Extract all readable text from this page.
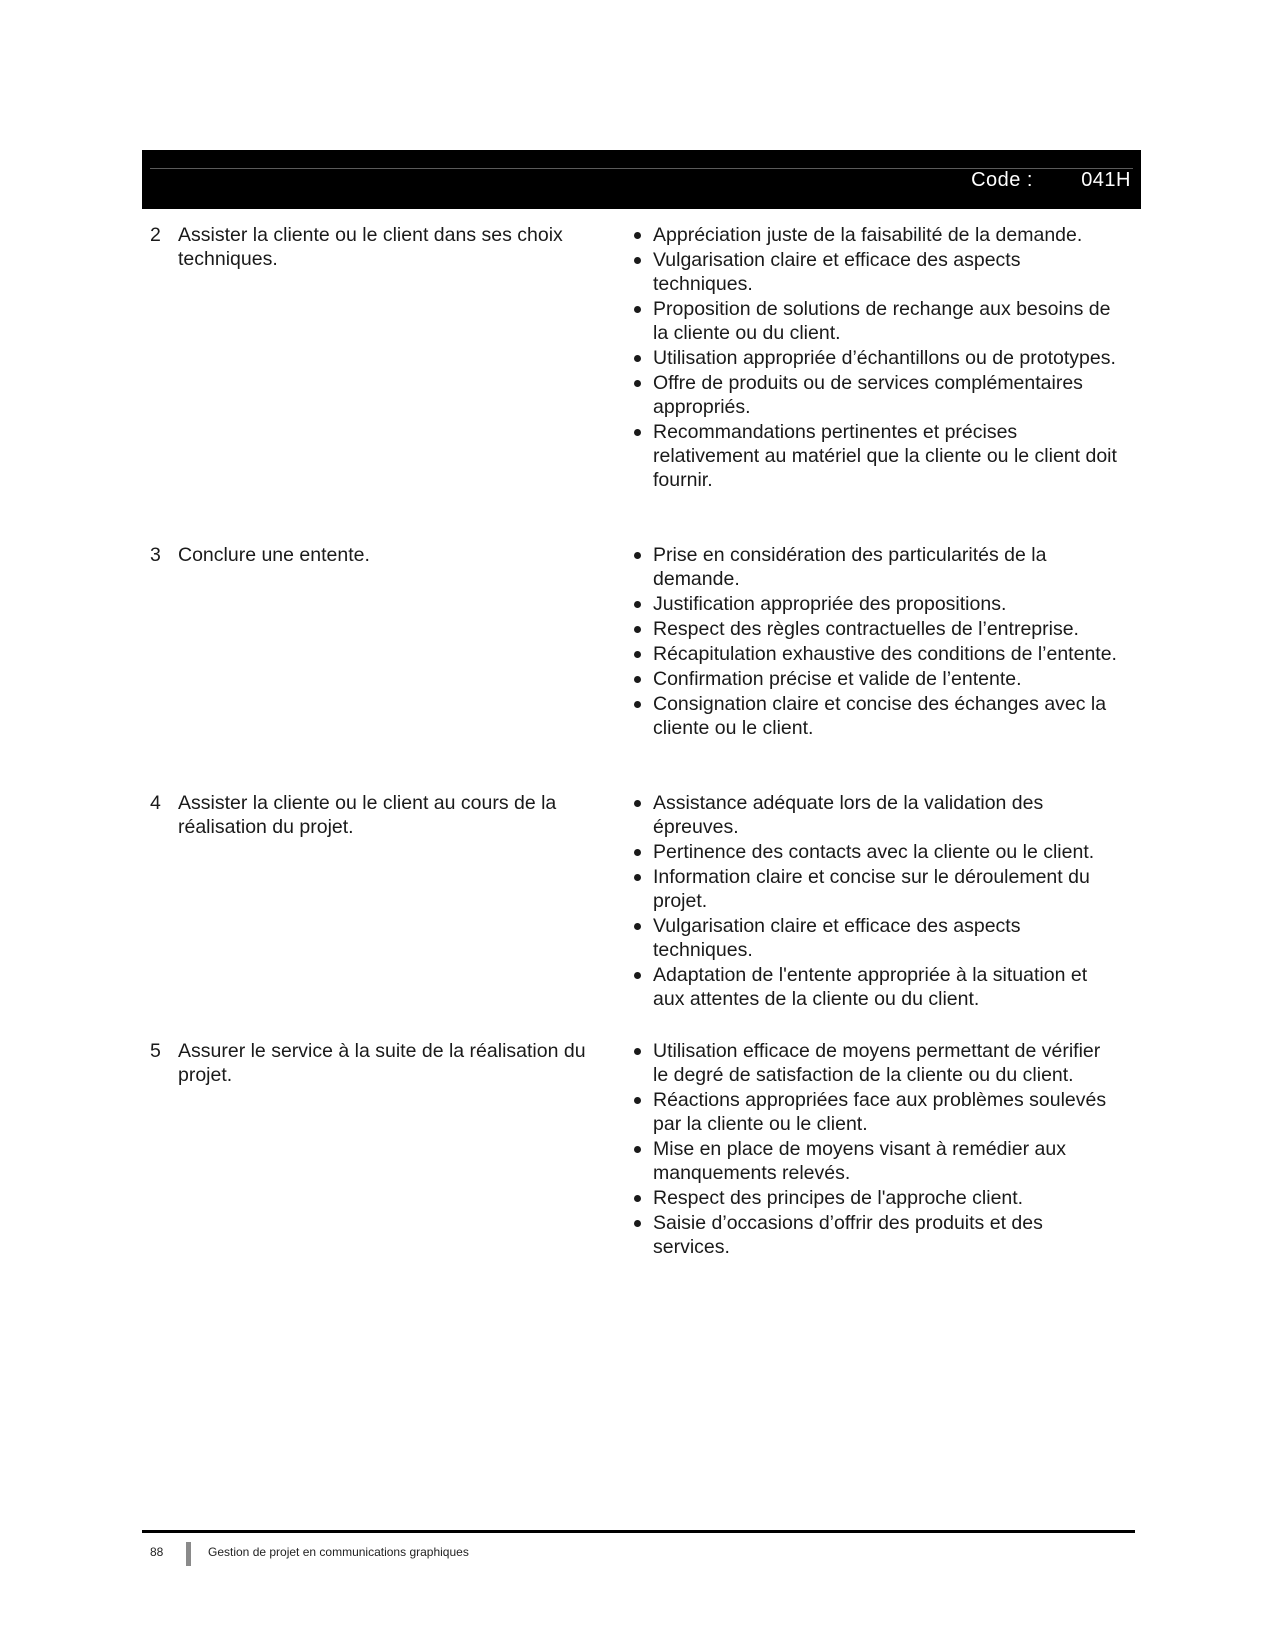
Code : 041H
2 Assister la cliente ou le client dans ses choix techniques.
Appréciation juste de la faisabilité de la demande.
Vulgarisation claire et efficace des aspects techniques.
Proposition de solutions de rechange aux besoins de la cliente ou du client.
Utilisation appropriée d’échantillons ou de prototypes.
Offre de produits ou de services complémentaires appropriés.
Recommandations pertinentes et précises relativement au matériel que la cliente ou le client doit fournir.
3 Conclure une entente.	Prise en considération des particularités de la demande.
Justification appropriée des propositions.
Respect des règles contractuelles de l’entreprise.
Récapitulation exhaustive des conditions de l’entente.
Confirmation précise et valide de l’entente.
Consignation claire et concise des échanges avec la cliente ou le client.
4 Assister la cliente ou le client au cours de la réalisation du projet.
Assistance adéquate lors de la validation des épreuves.
Pertinence des contacts avec la cliente ou le client.
Information claire et concise sur le déroulement du projet.
Vulgarisation claire et efficace des aspects techniques.
Adaptation de l'entente appropriée à la situation et aux attentes de la cliente ou du client.
5 Assurer le service à la suite de la réalisation du projet.
Utilisation efficace de moyens permettant de vérifier le degré de satisfaction de la cliente ou du client.
Réactions appropriées face aux problèmes soulevés par la cliente ou le client.
Mise en place de moyens visant à remédier aux manquements relevés.
Respect des principes de l'approche client.
Saisie d’occasions d’offrir des produits et des services.
88	Gestion de projet en communications graphiques
